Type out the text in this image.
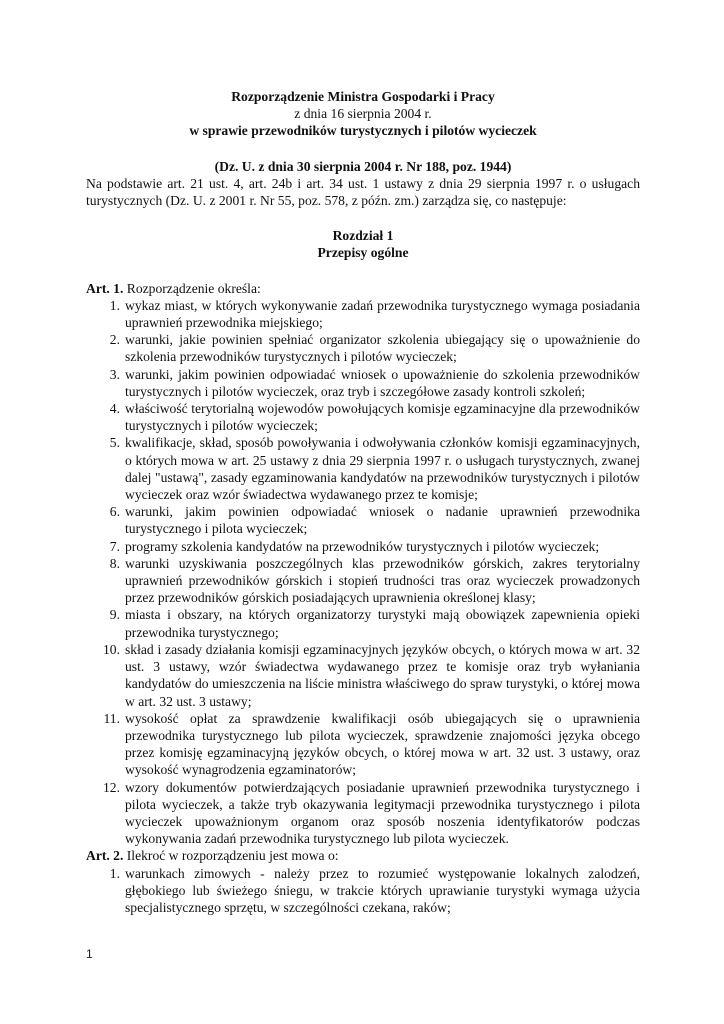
Rozporządzenie Ministra Gospodarki i Pracy
z dnia 16 sierpnia 2004 r.
w sprawie przewodników turystycznych i pilotów wycieczek
(Dz. U. z dnia 30 sierpnia 2004 r. Nr 188, poz. 1944)
Na podstawie art. 21 ust. 4, art. 24b i art. 34 ust. 1 ustawy z dnia 29 sierpnia 1997 r. o usługach turystycznych (Dz. U. z 2001 r. Nr 55, poz. 578, z późn. zm.) zarządza się, co następuje:
Rozdział 1
Przepisy ogólne
Art. 1. Rozporządzenie określa:
1. wykaz miast, w których wykonywanie zadań przewodnika turystycznego wymaga posiadania uprawnień przewodnika miejskiego;
2. warunki, jakie powinien spełniać organizator szkolenia ubiegający się o upoważnienie do szkolenia przewodników turystycznych i pilotów wycieczek;
3. warunki, jakim powinien odpowiadać wniosek o upoważnienie do szkolenia przewodników turystycznych i pilotów wycieczek, oraz tryb i szczegółowe zasady kontroli szkoleń;
4. właściwość terytorialną wojewodów powołujących komisje egzaminacyjne dla przewodników turystycznych i pilotów wycieczek;
5. kwalifikacje, skład, sposób powoływania i odwoływania członków komisji egzaminacyjnych, o których mowa w art. 25 ustawy z dnia 29 sierpnia 1997 r. o usługach turystycznych, zwanej dalej "ustawą", zasady egzaminowania kandydatów na przewodników turystycznych i pilotów wycieczek oraz wzór świadectwa wydawanego przez te komisje;
6. warunki, jakim powinien odpowiadać wniosek o nadanie uprawnień przewodnika turystycznego i pilota wycieczek;
7. programy szkolenia kandydatów na przewodników turystycznych i pilotów wycieczek;
8. warunki uzyskiwania poszczególnych klas przewodników górskich, zakres terytorialny uprawnień przewodników górskich i stopień trudności tras oraz wycieczek prowadzonych przez przewodników górskich posiadających uprawnienia określonej klasy;
9. miasta i obszary, na których organizatorzy turystyki mają obowiązek zapewnienia opieki przewodnika turystycznego;
10. skład i zasady działania komisji egzaminacyjnych języków obcych, o których mowa w art. 32 ust. 3 ustawy, wzór świadectwa wydawanego przez te komisje oraz tryb wyłaniania kandydatów do umieszczenia na liście ministra właściwego do spraw turystyki, o której mowa w art. 32 ust. 3 ustawy;
11. wysokość opłat za sprawdzenie kwalifikacji osób ubiegających się o uprawnienia przewodnika turystycznego lub pilota wycieczek, sprawdzenie znajomości języka obcego przez komisję egzaminacyjną języków obcych, o której mowa w art. 32 ust. 3 ustawy, oraz wysokość wynagrodzenia egzaminatorów;
12. wzory dokumentów potwierdzających posiadanie uprawnień przewodnika turystycznego i pilota wycieczek, a także tryb okazywania legitymacji przewodnika turystycznego i pilota wycieczek upoważnionym organom oraz sposób noszenia identyfikatorów podczas wykonywania zadań przewodnika turystycznego lub pilota wycieczek.
Art. 2. Ilekroć w rozporządzeniu jest mowa o:
1. warunkach zimowych - należy przez to rozumieć występowanie lokalnych zalodzeń, głębokiego lub świeżego śniegu, w trakcie których uprawianie turystyki wymaga użycia specjalistycznego sprzętu, w szczególności czekana, raków;
1
